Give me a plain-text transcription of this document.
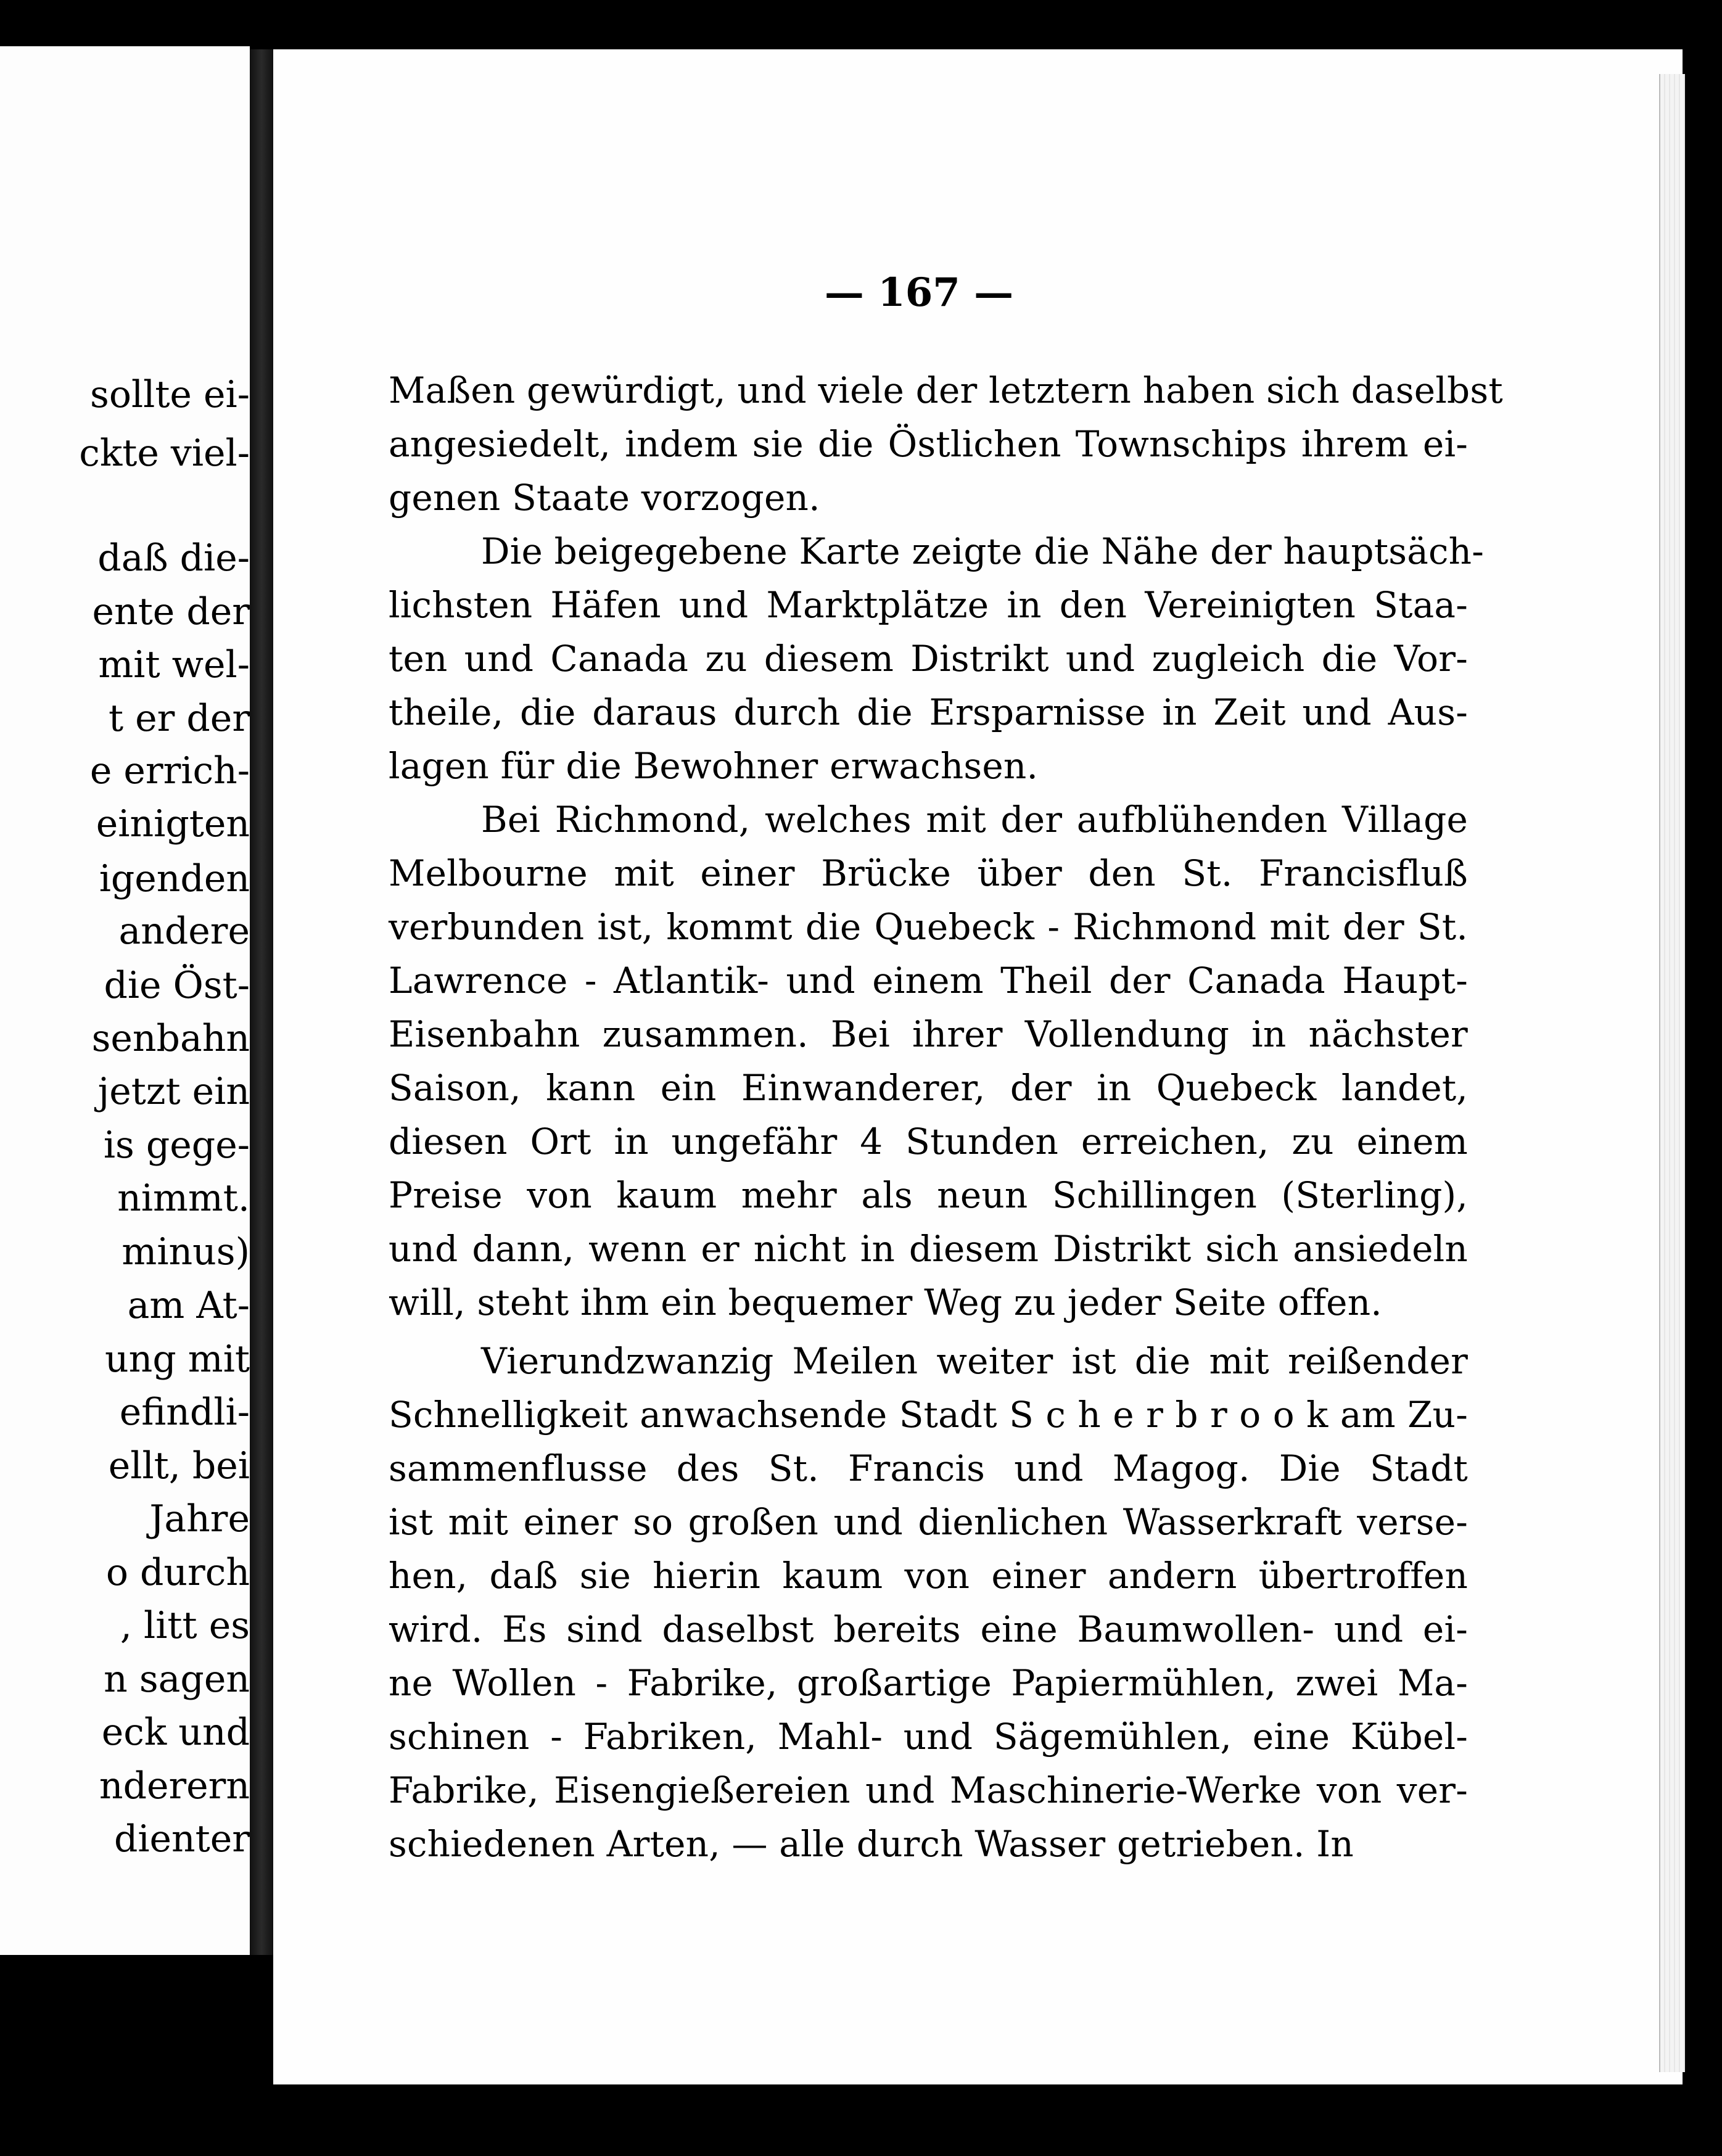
sollte ei-
ckte viel-
daß die-
ente der
mit wel-
t er der
e errich-
einigten
igenden
andere
die Öst-
senbahn
jetzt ein
is gege-
nimmt.
minus)
am At-
ung mit
efindli-
ellt, bei
Jahre
o durch
, litt es
n sagen
eck und
nderern
dienter
— 167 —
Maßen gewürdigt, und viele der letztern haben sich daselbst
angesiedelt, indem sie die Östlichen Townschips ihrem ei-
genen Staate vorzogen.
Die beigegebene Karte zeigte die Nähe der hauptsäch-
lichsten Häfen und Marktplätze in den Vereinigten Staa-
ten und Canada zu diesem Distrikt und zugleich die Vor-
theile, die daraus durch die Ersparnisse in Zeit und Aus-
lagen für die Bewohner erwachsen.
Bei Richmond, welches mit der aufblühenden Village
Melbourne mit einer Brücke über den St. Francisfluß
verbunden ist, kommt die Quebeck - Richmond mit der St.
Lawrence - Atlantik- und einem Theil der Canada Haupt-
Eisenbahn zusammen. Bei ihrer Vollendung in nächster
Saison, kann ein Einwanderer, der in Quebeck landet,
diesen Ort in ungefähr 4 Stunden erreichen, zu einem
Preise von kaum mehr als neun Schillingen (Sterling),
und dann, wenn er nicht in diesem Distrikt sich ansiedeln
will, steht ihm ein bequemer Weg zu jeder Seite offen.
Vierundzwanzig Meilen weiter ist die mit reißender
Schnelligkeit anwachsende Stadt S c h e r b r o o k am Zu-
sammenflusse des St. Francis und Magog. Die Stadt
ist mit einer so großen und dienlichen Wasserkraft verse-
hen, daß sie hierin kaum von einer andern übertroffen
wird. Es sind daselbst bereits eine Baumwollen- und ei-
ne Wollen - Fabrike, großartige Papiermühlen, zwei Ma-
schinen - Fabriken, Mahl- und Sägemühlen, eine Kübel-
Fabrike, Eisengießereien und Maschinerie-Werke von ver-
schiedenen Arten, — alle durch Wasser getrieben. In
